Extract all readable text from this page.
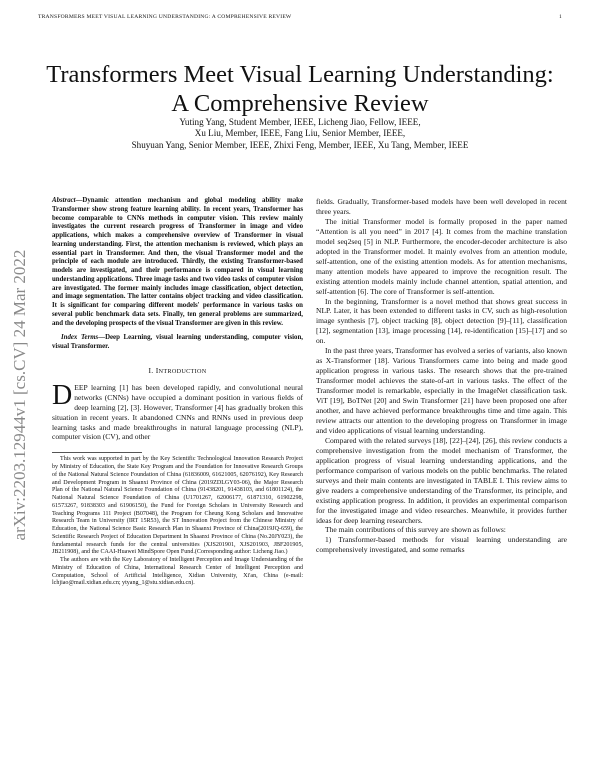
TRANSFORMERS MEET VISUAL LEARNING UNDERSTANDING: A COMPREHENSIVE REVIEW	1
arXiv:2203.12944v1 [cs.CV] 24 Mar 2022
Transformers Meet Visual Learning Understanding:
A Comprehensive Review
Yuting Yang, Student Member, IEEE, Licheng Jiao, Fellow, IEEE,
Xu Liu, Member, IEEE, Fang Liu, Senior Member, IEEE,
Shuyuan Yang, Senior Member, IEEE, Zhixi Feng, Member, IEEE, Xu Tang, Member, IEEE

Abstract—Dynamic attention mechanism and global modeling ability make Transformer show strong feature learning ability. In recent years, Transformer has become comparable to CNNs methods in computer vision. This review mainly investigates the current research progress of Transformer in image and video applications, which makes a comprehensive overview of Transformer in visual learning understanding. First, the attention mechanism is reviewed, which plays an essential part in Transformer. And then, the visual Transformer model and the principle of each module are introduced. Thirdly, the existing Transformer-based models are investigated, and their performance is compared in visual learning understanding applications. Three image tasks and two video tasks of computer vision are investigated. The former mainly includes image classification, object detection, and image segmentation. The latter contains object tracking and video classification. It is significant for comparing different models' performance in various tasks on several public benchmark data sets. Finally, ten general problems are summarized, and the developing prospects of the visual Transformer are given in this review.

Index Terms—Deep Learning, visual learning understanding, computer vision, visual Transformer.

I. INTRODUCTION

DEEP learning [1] has been developed rapidly, and convolutional neural networks (CNNs) have occupied a dominant position in various fields of deep learning [2], [3]. However, Transformer [4] has gradually broken this situation in recent years. It abandoned CNNs and RNNs used in previous deep learning tasks and made breakthroughs in natural language processing (NLP), computer vision (CV), and other

This work was supported in part by the Key Scientific Technological Innovation Research Project by Ministry of Education, the State Key Program and the Foundation for Innovative Research Groups of the National Natural Science Foundation of China (61836009, 61621005, 62076192), Key Research and Development Program in Shaanxi Province of China (2019ZDLGY03-06), the Major Research Plan of the National Natural Science Foundation of China (91438201, 91438103, and 61801124), the National Natural Science Foundation of China (U1701267, 62006177, 61871310, 61902298, 61573267, 91838303 and 61906150), the Fund for Foreign Scholars in University Research and Teaching Programs 111 Project (B07048), the Program for Cheung Kong Scholars and Innovative Research Team in University (IRT 15R53), the ST Innovation Project from the Chinese Ministry of Education, the National Science Basic Research Plan in Shaanxi Province of China(2019JQ-659), the Scientific Research Project of Education Department In Shaanxi Province of China (No.20JY023), the fundamental research funds for the central universities (XJS201901, XJS201903, JBF201905, JB211908), and the CAAI-Huawei MindSpore Open Fund.(Corresponding author: Licheng Jiao.)

The authors are with the Key Laboratory of Intelligent Perception and Image Understanding of the Ministry of Education of China, International Research Center of Intelligent Perception and Computation, School of Artificial Intelligence, Xidian University, Xi'an, China (e-mail: lchjiao@mail.xidian.edu.cn; ytyang_1@stu.xidian.edu.cn).

fields. Gradually, Transformer-based models have been well developed in recent three years.

The initial Transformer model is formally proposed in the paper named “Attention is all you need” in 2017 [4]. It comes from the machine translation model seq2seq [5] in NLP. Furthermore, the encoder-decoder architecture is also adopted in the Transformer model. It mainly evolves from an attention module, self-attention, one of the existing attention models. As for attention mechanisms, many attention models have appeared to improve the recognition result. The existing attention models mainly include channel attention, spatial attention, and self-attention [6]. The core of Transformer is self-attention.

In the beginning, Transformer is a novel method that shows great success in NLP. Later, it has been extended to different tasks in CV, such as high-resolution image synthesis [7], object tracking [8], object detection [9]–[11], classification [12], segmentation [13], image processing [14], re-identification [15]–[17] and so on.

In the past three years, Transformer has evolved a series of variants, also known as X-Transformer [18]. Various Transformers came into being and made good application progress in various tasks. The research shows that the pre-trained Transformer model achieves the state-of-art in various tasks. The effect of the Transformer model is remarkable, especially in the ImageNet classification task. ViT [19], BoTNet [20] and Swin Transformer [21] have been proposed one after another, and have achieved performance breakthroughs time and time again. This review attracts our attention to the developing progress on Transformer in image and video applications of visual learning understanding.

Compared with the related surveys [18], [22]–[24], [26], this review conducts a comprehensive investigation from the model mechanism of Transformer, the application progress of visual learning understanding applications, and the performance comparison of various models on the public benchmarks. The related surveys and their main contents are investigated in TABLE I. This review aims to give readers a comprehensive understanding of the Transformer, its principle, and existing application progress. In addition, it provides an experimental comparison for the investigated image and video researches. Meanwhile, it provides further ideas for deep learning researchers.

The main contributions of this survey are shown as follows:

1) Transformer-based methods for visual learning understanding are comprehensively investigated, and some remarks
